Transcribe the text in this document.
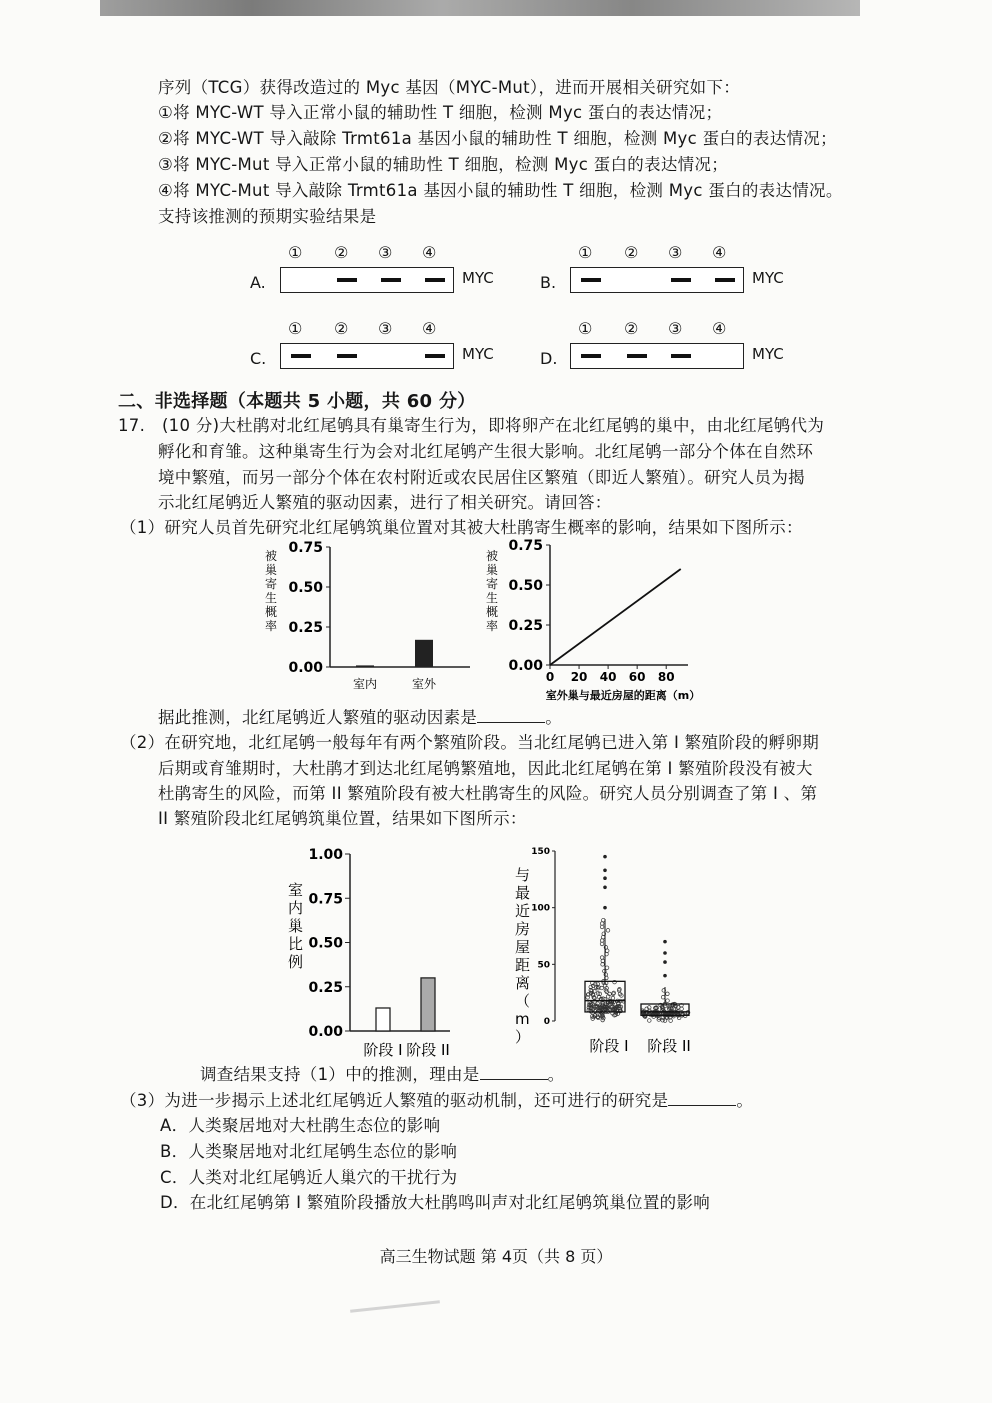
序列（TCG）获得改造过的 Myc 基因（MYC-Mut），进而开展相关研究如下：
①将 MYC-WT 导入正常小鼠的辅助性 T 细胞，检测 Myc 蛋白的表达情况；
②将 MYC-WT 导入敲除 Trmt61a 基因小鼠的辅助性 T 细胞，检测 Myc 蛋白的表达情况；
③将 MYC-Mut 导入正常小鼠的辅助性 T 细胞，检测 Myc 蛋白的表达情况；
④将 MYC-Mut 导入敲除 Trmt61a 基因小鼠的辅助性 T 细胞，检测 Myc 蛋白的表达情况。
支持该推测的预期实验结果是
A.
① ② ③ ④
MYC	B.
① ② ③ ④
MYC
C.
① ② ③ ④
MYC	D.
① ② ③ ④
MYC
二、非选择题（本题共 5 小题，共 60 分）
17.　(10 分)大杜鹃对北红尾鸲具有巢寄生行为，即将卵产在北红尾鸲的巢中，由北红尾鸲代为
孵化和育雏。这种巢寄生行为会对北红尾鸲产生很大影响。北红尾鸲一部分个体在自然环
境中繁殖，而另一部分个体在农村附近或农民居住区繁殖（即近人繁殖）。研究人员为揭
示北红尾鸲近人繁殖的驱动因素，进行了相关研究。请回答：
（1）研究人员首先研究北红尾鸲筑巢位置对其被大杜鹃寄生概率的影响，结果如下图所示：
被巢寄生概率
0.00
0.25
0.50
0.75
室内	室外
被巢寄生概率
0.00
0.25
0.50
0.75
0 20 40 60 80
室外巢与最近房屋的距离（m）
据此推测，北红尾鸲近人繁殖的驱动因素是	。
（2）在研究地，北红尾鸲一般每年有两个繁殖阶段。当北红尾鸲已进入第 I 繁殖阶段的孵卵期
后期或育雏期时，大杜鹃才到达北红尾鸲繁殖地，因此北红尾鸲在第 I 繁殖阶段没有被大
杜鹃寄生的风险，而第 II 繁殖阶段有被大杜鹃寄生的风险。研究人员分别调查了第 I 、第
II 繁殖阶段北红尾鸲筑巢位置，结果如下图所示：
室内巢比例
0.00
0.25
0.50
0.75
1.00
阶段 I 阶段 II
与最近房屋距离（ m ）
0
50
100
150
阶段 I 阶段 II
调查结果支持（1）中的推测，理由是	。
（3）为进一步揭示上述北红尾鸲近人繁殖的驱动机制，还可进行的研究是	。
A．人类聚居地对大杜鹃生态位的影响
B．人类聚居地对北红尾鸲生态位的影响
C．人类对北红尾鸲近人巢穴的干扰行为
D．在北红尾鸲第 I 繁殖阶段播放大杜鹃鸣叫声对北红尾鸲筑巢位置的影响
高三生物试题 第 4页（共 8 页）
